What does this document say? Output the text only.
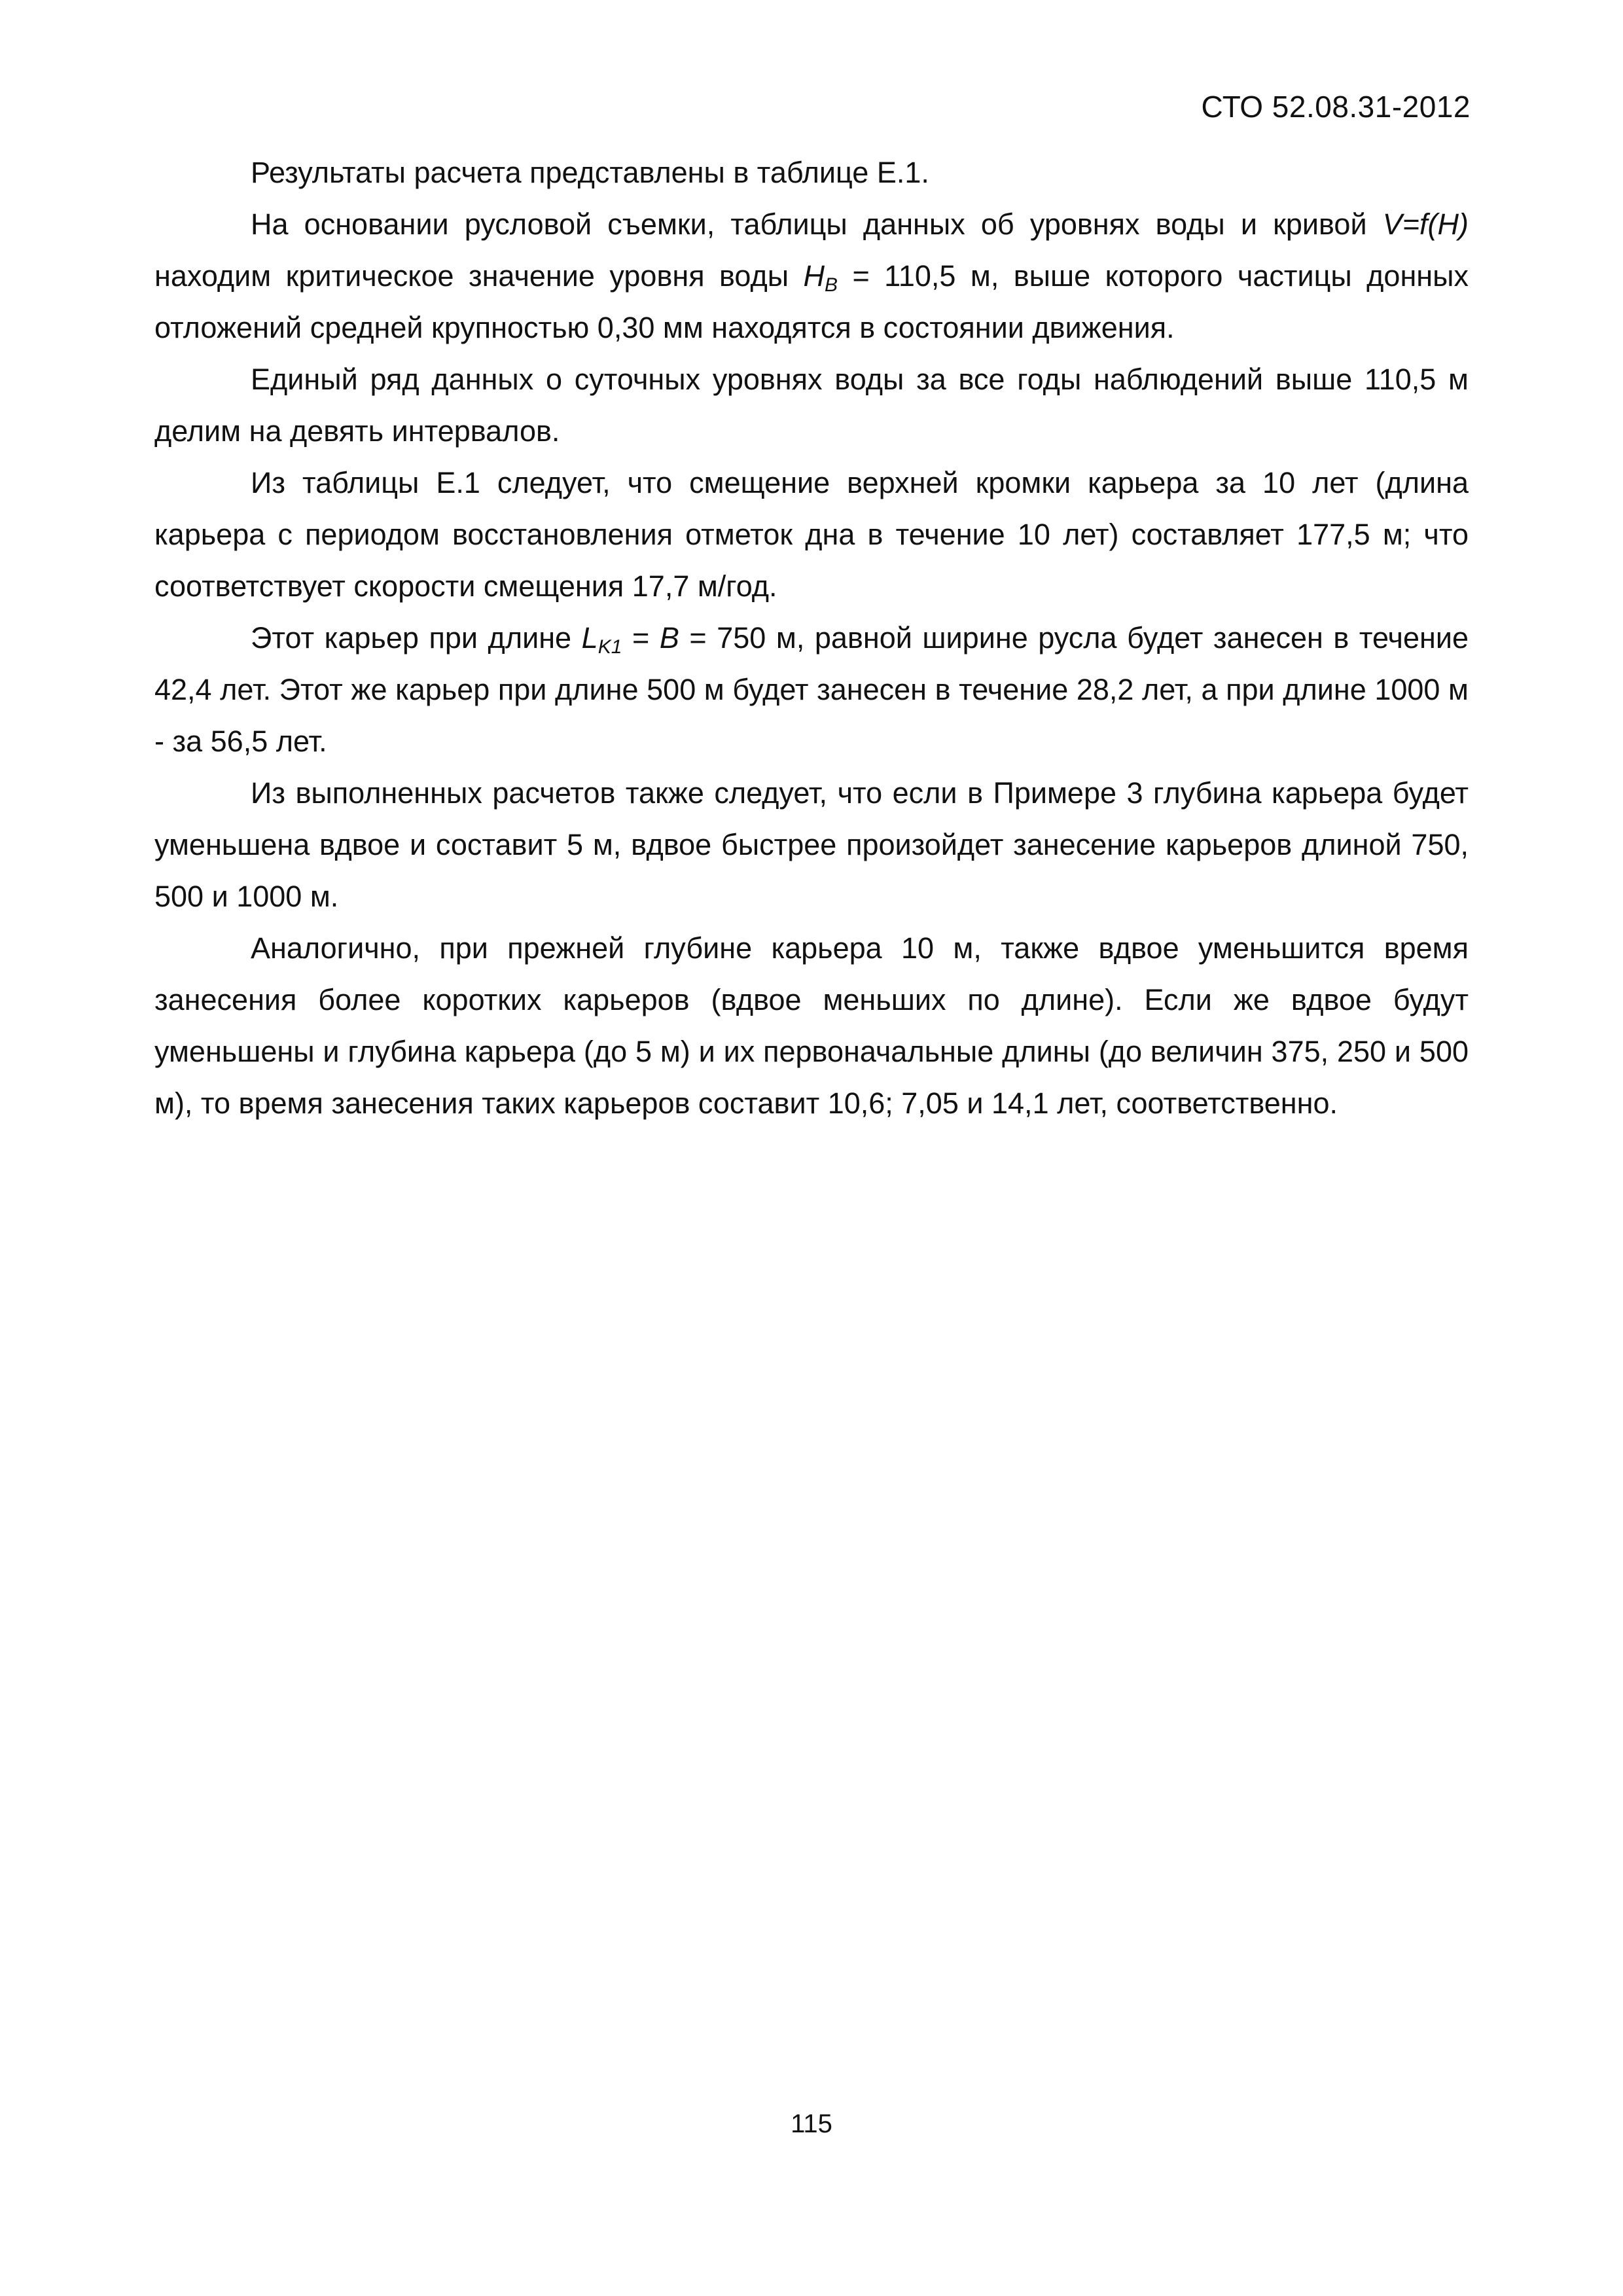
СТО 52.08.31-2012

Результаты расчета представлены в таблице Е.1.

На основании русловой съемки, таблицы данных об уровнях воды и кривой V=f(H) находим критическое значение уровня воды $H_B = 110,5$ м, выше которого частицы донных отложений средней крупностью 0,30 мм находятся в состоянии движения.

Единый ряд данных о суточных уровнях воды за все годы наблюдений выше 110,5 м делим на девять интервалов.

Из таблицы Е.1 следует, что смещение верхней кромки карьера за 10 лет (длина карьера с периодом восстановления отметок дна в течение 10 лет) составляет 177,5 м; что соответствует скорости смещения 17,7 м/год.

Этот карьер при длине $L_{K1} = B = 750$ м, равной ширине русла будет занесен в течение 42,4 лет. Этот же карьер при длине 500 м будет занесен в течение 28,2 лет, а при длине 1000 м - за 56,5 лет.

Из выполненных расчетов также следует, что если в Примере 3 глубина карьера будет уменьшена вдвое и составит 5 м, вдвое быстрее произойдет занесение карьеров длиной 750, 500 и 1000 м.

Аналогично, при прежней глубине карьера 10 м, также вдвое уменьшится время занесения более коротких карьеров (вдвое меньших по длине). Если же вдвое будут уменьшены и глубина карьера (до 5 м) и их первоначальные длины (до величин 375, 250 и 500 м), то время занесения таких карьеров составит 10,6; 7,05 и 14,1 лет, соответственно.

115
